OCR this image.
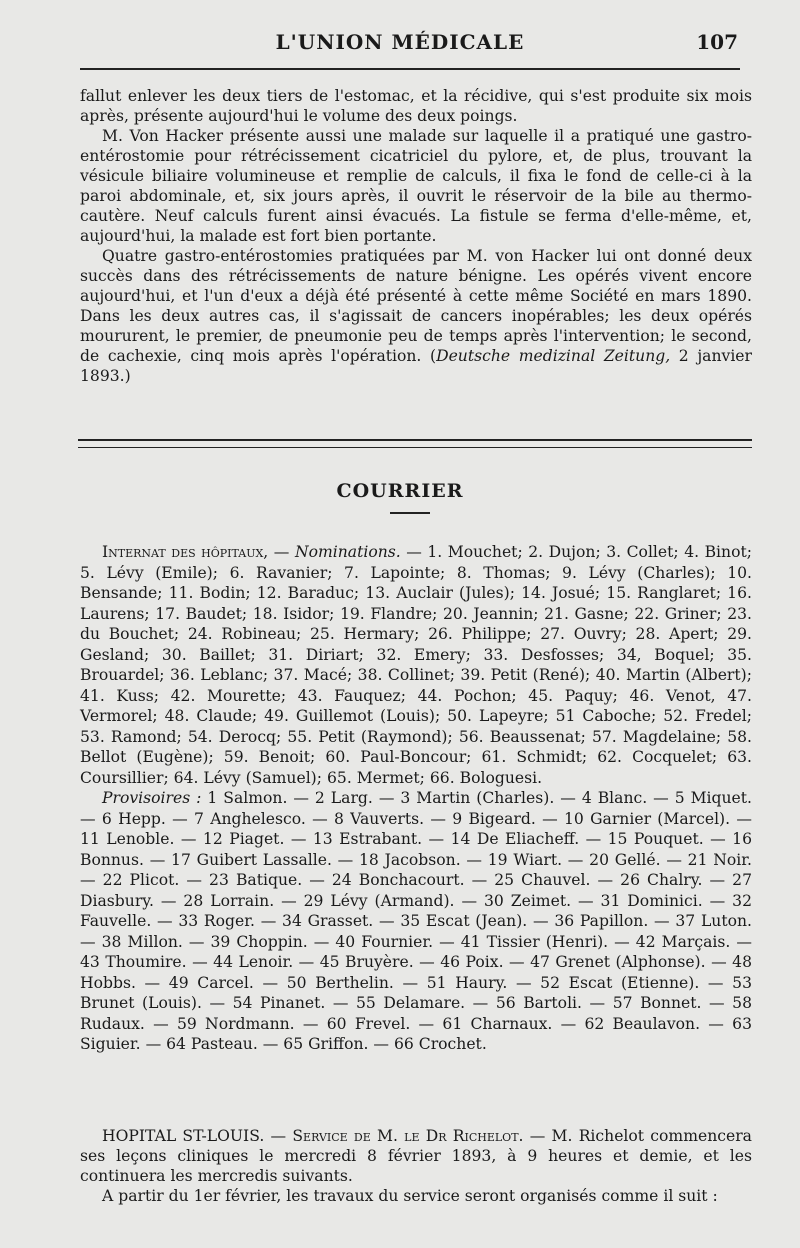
L'UNION MÉDICALE	107

fallut enlever les deux tiers de l'estomac, et la récidive, qui s'est produite six mois après, présente aujourd'hui le volume des deux poings.

M. Von Hacker présente aussi une malade sur laquelle il a pratiqué une gastro-entérostomie pour rétrécissement cicatriciel du pylore, et, de plus, trouvant la vésicule biliaire volumineuse et remplie de calculs, il fixa le fond de celle-ci à la paroi abdominale, et, six jours après, il ouvrit le réservoir de la bile au thermo-cautère. Neuf calculs furent ainsi évacués. La fistule se ferma d'elle-même, et, aujourd'hui, la malade est fort bien portante.

Quatre gastro-entérostomies pratiquées par M. von Hacker lui ont donné deux succès dans des rétrécissements de nature bénigne. Les opérés vivent encore aujourd'hui, et l'un d'eux a déjà été présenté à cette même Société en mars 1890. Dans les deux autres cas, il s'agissait de cancers inopérables; les deux opérés moururent, le premier, de pneumonie peu de temps après l'intervention; le second, de cachexie, cinq mois après l'opération. (Deutsche medizinal Zeitung, 2 janvier 1893.)

COURRIER

Internat des hôpitaux, — Nominations. — 1. Mouchet; 2. Dujon; 3. Collet; 4. Binot; 5. Lévy (Emile); 6. Ravanier; 7. Lapointe; 8. Thomas; 9. Lévy (Charles); 10. Bensande; 11. Bodin; 12. Baraduc; 13. Auclair (Jules); 14. Josué; 15. Ranglaret; 16. Laurens; 17. Baudet; 18. Isidor; 19. Flandre; 20. Jeannin; 21. Gasne; 22. Griner; 23. du Bouchet; 24. Robineau; 25. Hermary; 26. Philippe; 27. Ouvry; 28. Apert; 29. Gesland; 30. Baillet; 31. Diriart; 32. Emery; 33. Desfosses; 34, Boquel; 35. Brouardel; 36. Leblanc; 37. Macé; 38. Collinet; 39. Petit (René); 40. Martin (Albert); 41. Kuss; 42. Mourette; 43. Fauquez; 44. Pochon; 45. Paquy; 46. Venot, 47. Vermorel; 48. Claude; 49. Guillemot (Louis); 50. Lapeyre; 51 Caboche; 52. Fredel; 53. Ramond; 54. Derocq; 55. Petit (Raymond); 56. Beaussenat; 57. Magdelaine; 58. Bellot (Eugène); 59. Benoit; 60. Paul-Boncour; 61. Schmidt; 62. Cocquelet; 63. Coursillier; 64. Lévy (Samuel); 65. Mermet; 66. Bologuesi.

Provisoires : 1 Salmon. — 2 Larg. — 3 Martin (Charles). — 4 Blanc. — 5 Miquet. — 6 Hepp. — 7 Anghelesco. — 8 Vauverts. — 9 Bigeard. — 10 Garnier (Marcel). — 11 Lenoble. — 12 Piaget. — 13 Estrabant. — 14 De Eliacheff. — 15 Pouquet. — 16 Bonnus. — 17 Guibert Lassalle. — 18 Jacobson. — 19 Wiart. — 20 Gellé. — 21 Noir. — 22 Plicot. — 23 Batique. — 24 Bonchacourt. — 25 Chauvel. — 26 Chalry. — 27 Diasbury. — 28 Lorrain. — 29 Lévy (Armand). — 30 Zeimet. — 31 Dominici. — 32 Fauvelle. — 33 Roger. — 34 Grasset. — 35 Escat (Jean). — 36 Papillon. — 37 Luton. — 38 Millon. — 39 Choppin. — 40 Fournier. — 41 Tissier (Henri). — 42 Marçais. — 43 Thoumire. — 44 Lenoir. — 45 Bruyère. — 46 Poix. — 47 Grenet (Alphonse). — 48 Hobbs. — 49 Carcel. — 50 Berthelin. — 51 Haury. — 52 Escat (Etienne). — 53 Brunet (Louis). — 54 Pinanet. — 55 Delamare. — 56 Bartoli. — 57 Bonnet. — 58 Rudaux. — 59 Nordmann. — 60 Frevel. — 61 Charnaux. — 62 Beaulavon. — 63 Siguier. — 64 Pasteau. — 65 Griffon. — 66 Crochet.

HOPITAL ST-LOUIS. — Service de M. le Dr Richelot. — M. Richelot commencera ses leçons cliniques le mercredi 8 février 1893, à 9 heures et demie, et les continuera les mercredis suivants.

A partir du 1er février, les travaux du service seront organisés comme il suit :
